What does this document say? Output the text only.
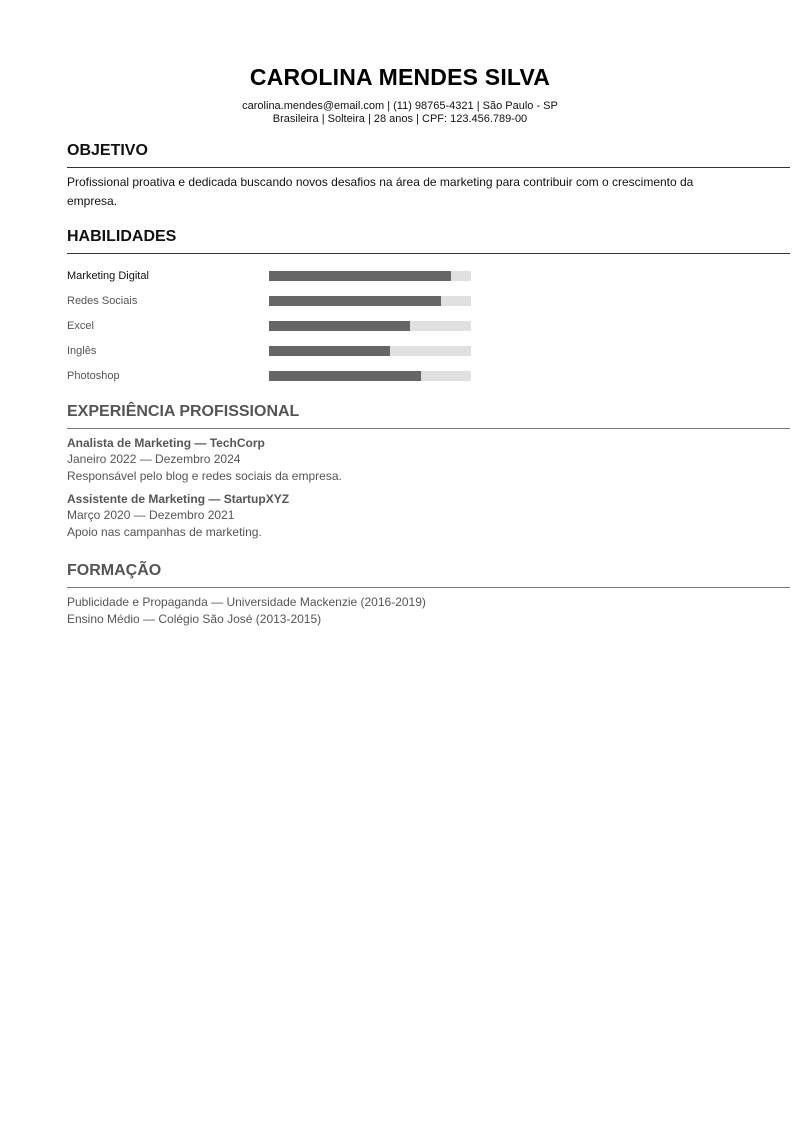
CAROLINA MENDES SILVA
carolina.mendes@email.com | (11) 98765-4321 | São Paulo - SP
Brasileira | Solteira | 28 anos | CPF: 123.456.789-00
OBJETIVO
Profissional proativa e dedicada buscando novos desafios na área de marketing para contribuir com o crescimento da empresa.
HABILIDADES
Marketing Digital
Redes Sociais
Excel
Inglês
Photoshop
EXPERIÊNCIA PROFISSIONAL
Analista de Marketing — TechCorp
Janeiro 2022 — Dezembro 2024
Responsável pelo blog e redes sociais da empresa.
Assistente de Marketing — StartupXYZ
Março 2020 — Dezembro 2021
Apoio nas campanhas de marketing.
FORMAÇÃO
Publicidade e Propaganda — Universidade Mackenzie (2016-2019)
Ensino Médio — Colégio São José (2013-2015)
